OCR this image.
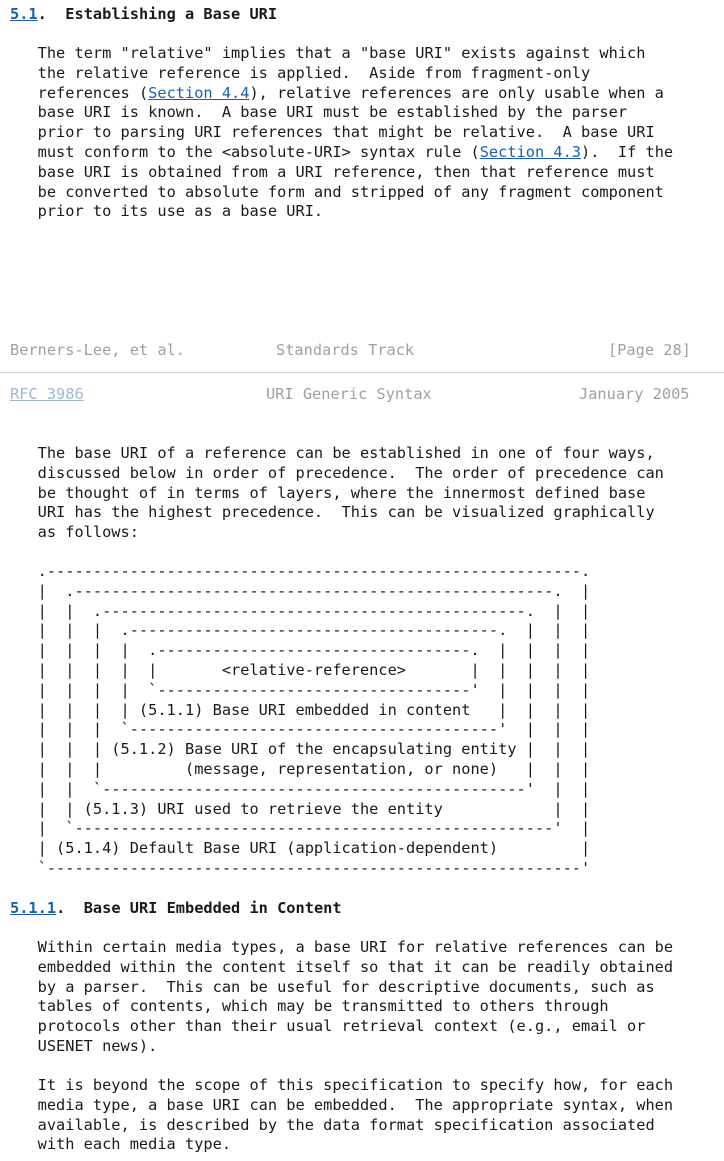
5.1.  Establishing a Base URI
The term "relative" implies that a "base URI" exists against which
the relative reference is applied.  Aside from fragment-only
references (Section 4.4), relative references are only usable when a
base URI is known.  A base URI must be established by the parser
prior to parsing URI references that might be relative.  A base URI
must conform to the <absolute-URI> syntax rule (Section 4.3).  If the
base URI is obtained from a URI reference, then that reference must
be converted to absolute form and stripped of any fragment component
prior to its use as a base URI.
Berners-Lee, et al.	Standards Track	[Page 28]
RFC 3986	URI Generic Syntax	January 2005
The base URI of a reference can be established in one of four ways,
discussed below in order of precedence.  The order of precedence can
be thought of in terms of layers, where the innermost defined base
URI has the highest precedence.  This can be visualized graphically
as follows:
.----------------------------------------------------------.
|  .----------------------------------------------------.  |
|  |  .----------------------------------------------.  |  |
|  |  |  .----------------------------------------.  |  |  |
|  |  |  |  .----------------------------------.  |  |  |  |
|  |  |  |  |       <relative-reference>       |  |  |  |  |
|  |  |  |  `----------------------------------'  |  |  |  |
|  |  |  | (5.1.1) Base URI embedded in content   |  |  |  |
|  |  |  `----------------------------------------'  |  |  |
|  |  | (5.1.2) Base URI of the encapsulating entity |  |  |
|  |  |         (message, representation, or none)   |  |  |
|  |  `----------------------------------------------'  |  |
|  | (5.1.3) URI used to retrieve the entity            |  |
|  `----------------------------------------------------'  |
| (5.1.4) Default Base URI (application-dependent)         |
`----------------------------------------------------------'
5.1.1.  Base URI Embedded in Content
Within certain media types, a base URI for relative references can be
embedded within the content itself so that it can be readily obtained
by a parser.  This can be useful for descriptive documents, such as
tables of contents, which may be transmitted to others through
protocols other than their usual retrieval context (e.g., email or
USENET news).
It is beyond the scope of this specification to specify how, for each
media type, a base URI can be embedded.  The appropriate syntax, when
available, is described by the data format specification associated
with each media type.
